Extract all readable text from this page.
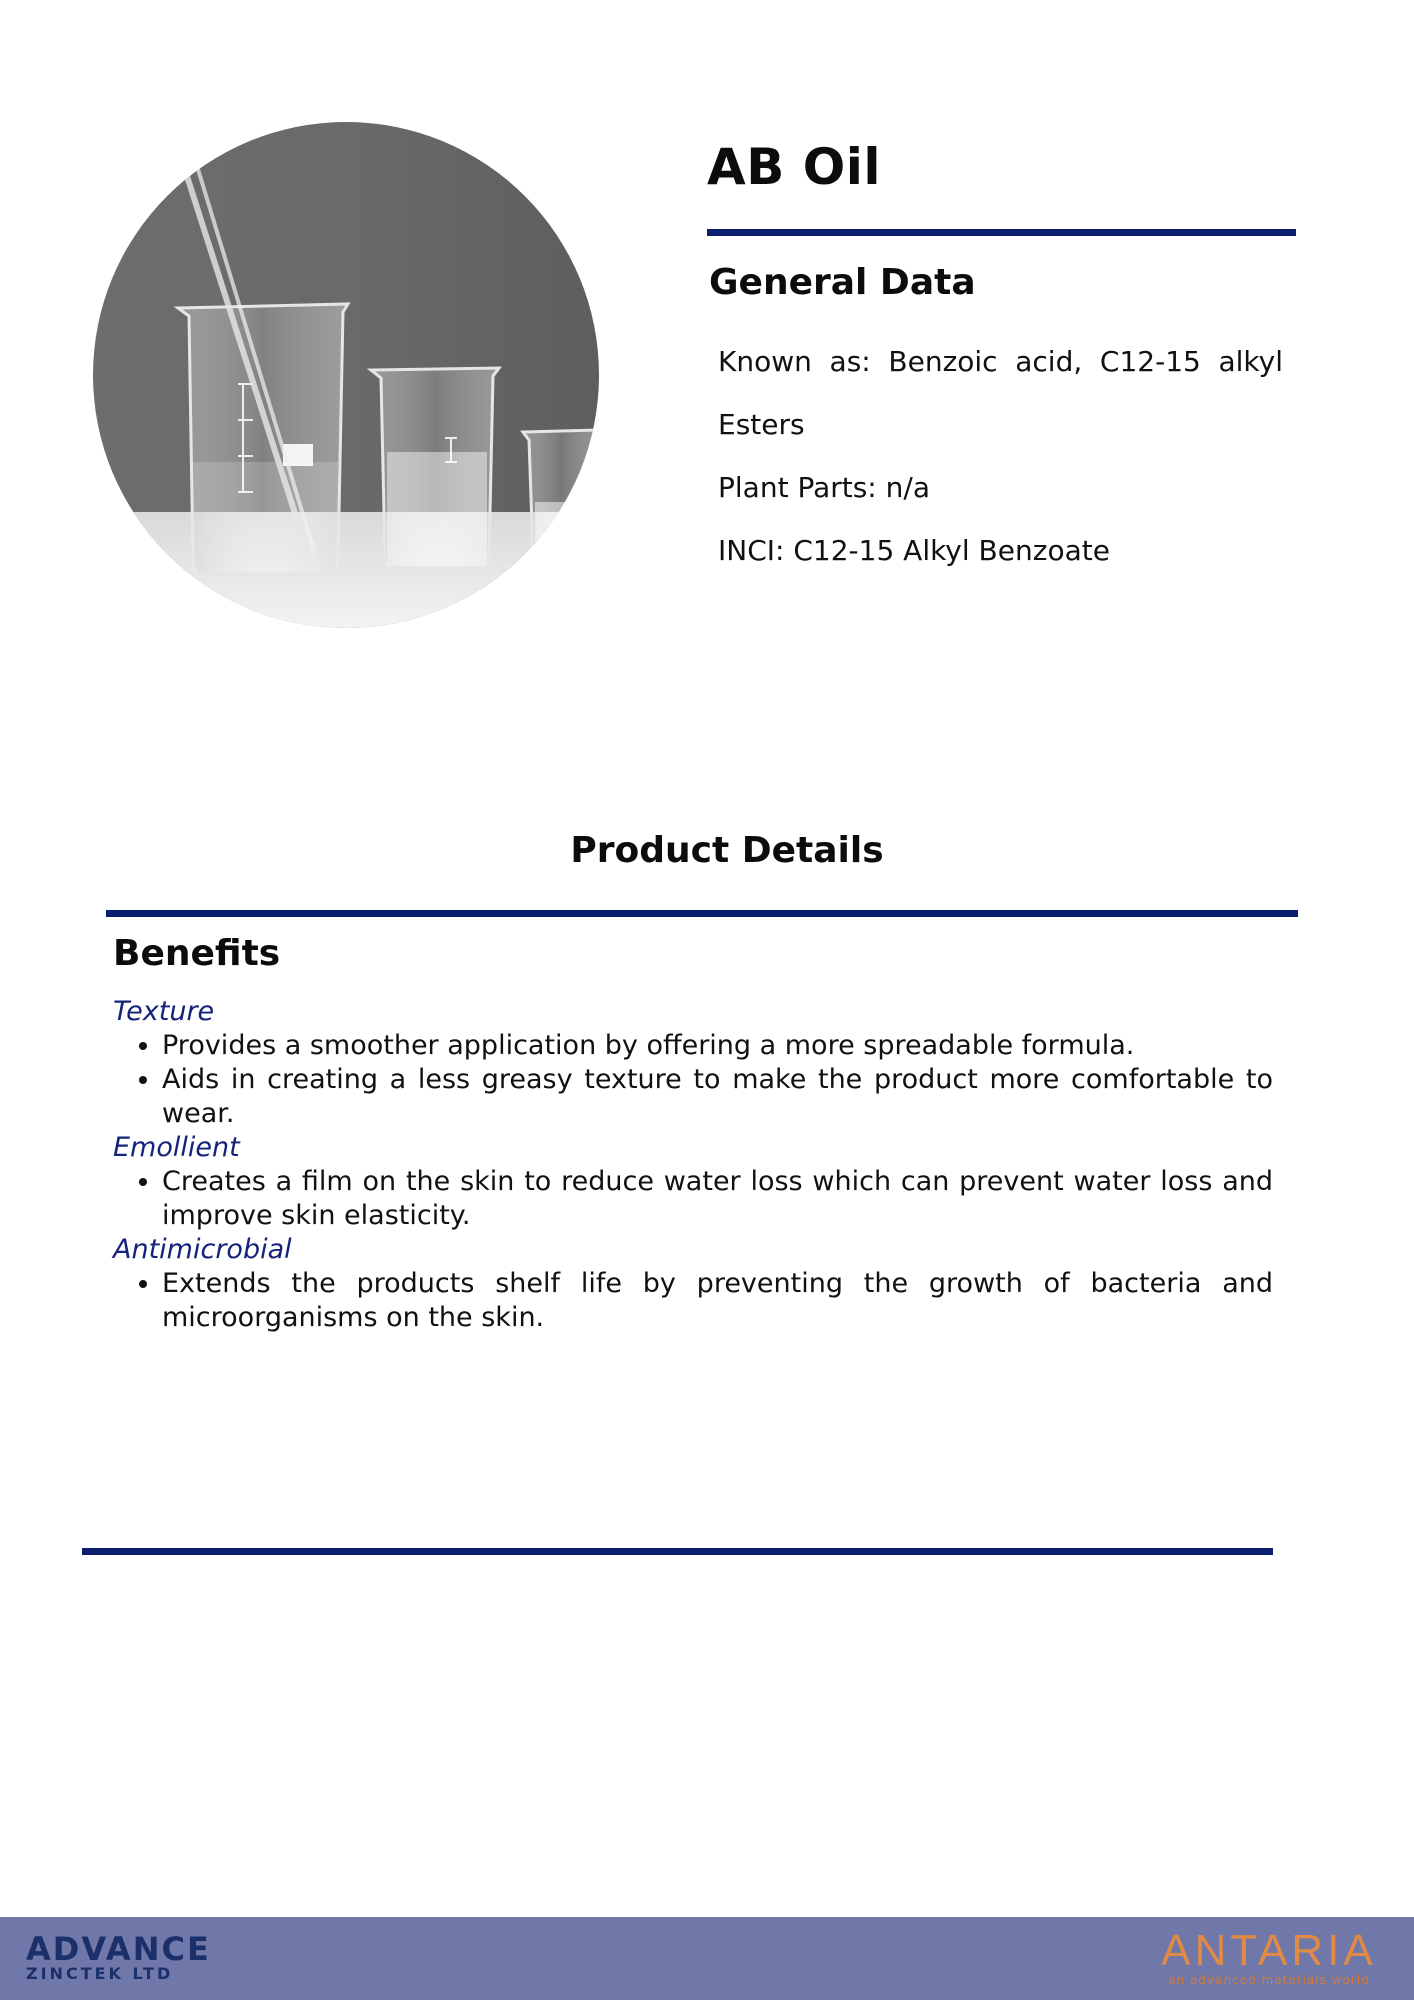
AB Oil
General Data

Known as: Benzoic acid, C12-15 alkyl Esters

Plant Parts: n/a

INCI: C12-15 Alkyl Benzoate

Product Details
Benefits

Texture

• Provides a smoother application by offering a more spreadable formula.
• Aids in creating a less greasy texture to make the product more comfortable to wear.

Emollient

• Creates a film on the skin to reduce water loss which can prevent water loss and improve skin elasticity.

Antimicrobial

• Extends the products shelf life by preventing the growth of bacteria and microorganisms on the skin.
ADVANCE
ZINCTEK LTD	ANTARIA
an advanced materials world
